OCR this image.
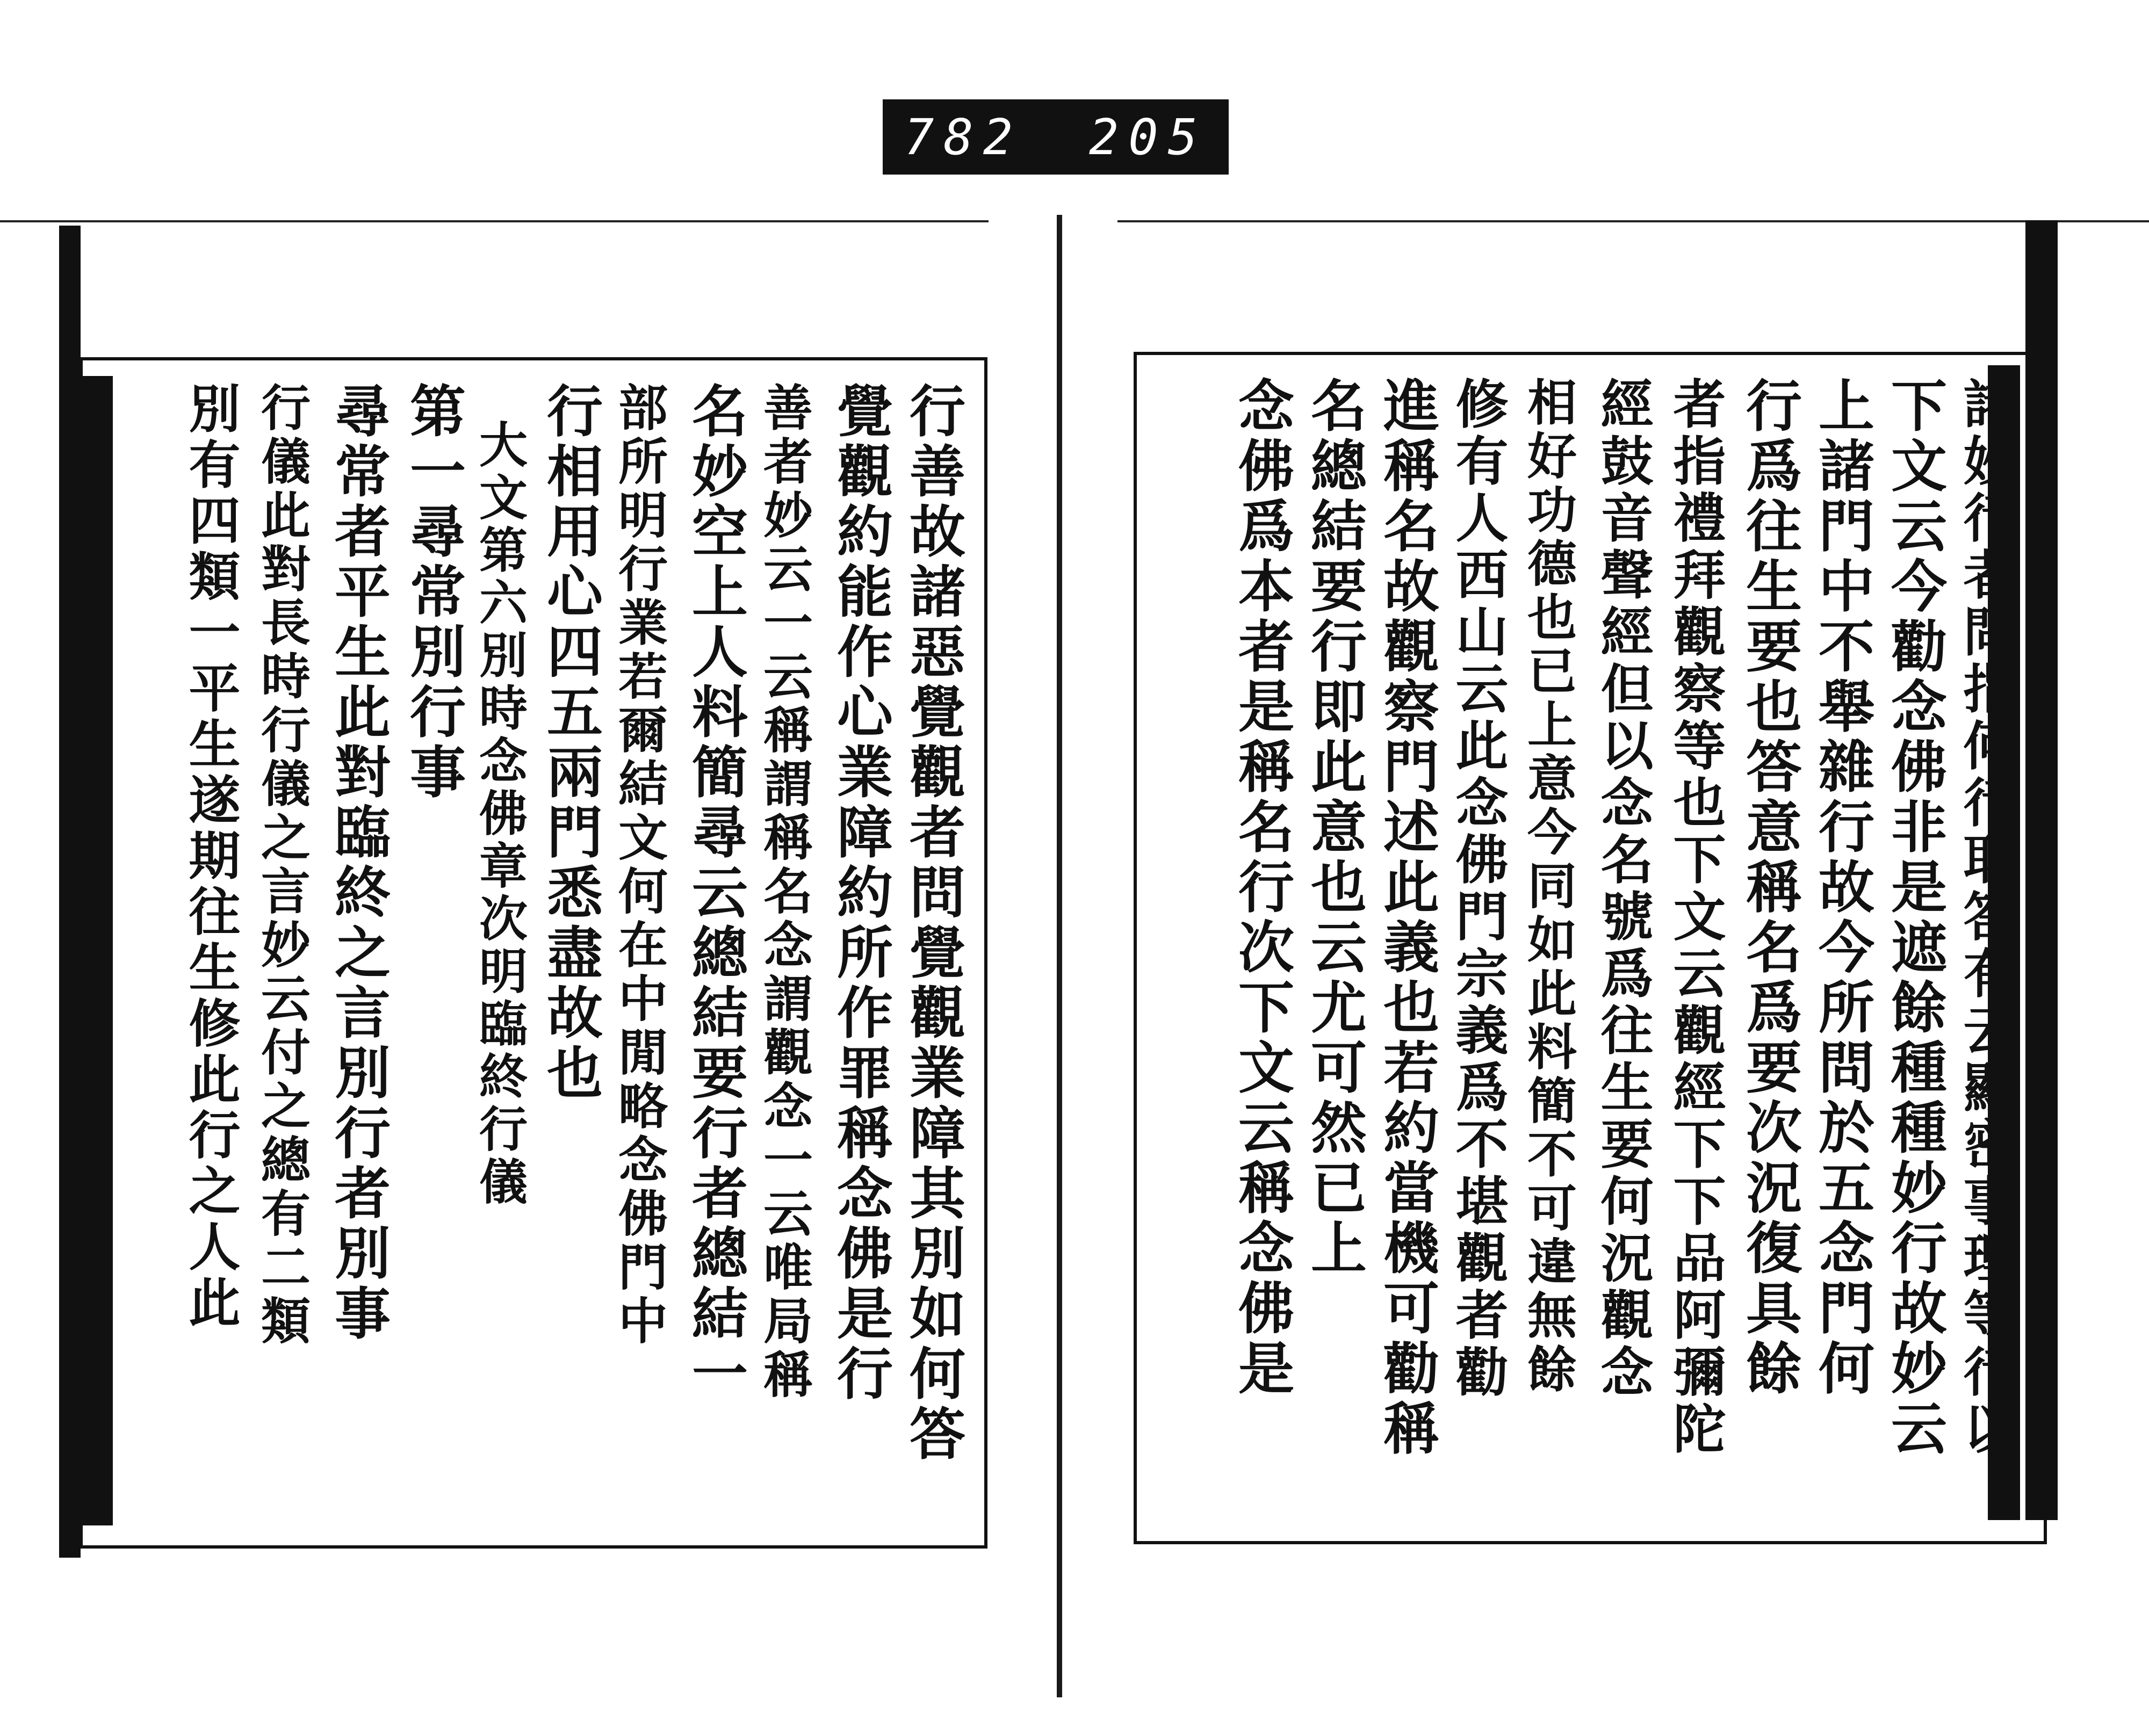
782 205
行善故諸惡覺觀者問覺觀業障其別如何答
覺觀約能作心業障約所作罪稱念佛是行
善者妙云一云稱謂稱名念謂觀念一云唯局稱
名妙空上人料簡尋云總結要行者總結一
部所明行業若爾結文何在中閒略念佛門中
行相用心四五兩門悉盡故也
大文第六別時念佛章次明臨終行儀
第一尋常別行事
尋常者平生此對臨終之言別行者別事
行儀此對長時行儀之言妙云付之總有二類
別有四類一平生遂期往生修此行之人此	諸妙行者問指何行耶答有云顯密事理等行以
下文云今勸念佛非是遮餘種種妙行故妙云
上諸門中不舉雜行故今所問於五念門何
行爲往生要也答意稱名爲要次況復具餘
者指禮拜觀察等也下文云觀經下下品阿彌陀
經鼓音聲經但以念名號爲往生要何況觀念
相好功德也已上意今同如此料簡不可違無餘
修有人西山云此念佛門宗義爲不堪觀者勸
進稱名故觀察門述此義也若約當機可勸稱
名總結要行即此意也云尤可然已上
念佛爲本者是稱名行次下文云稱念佛是
